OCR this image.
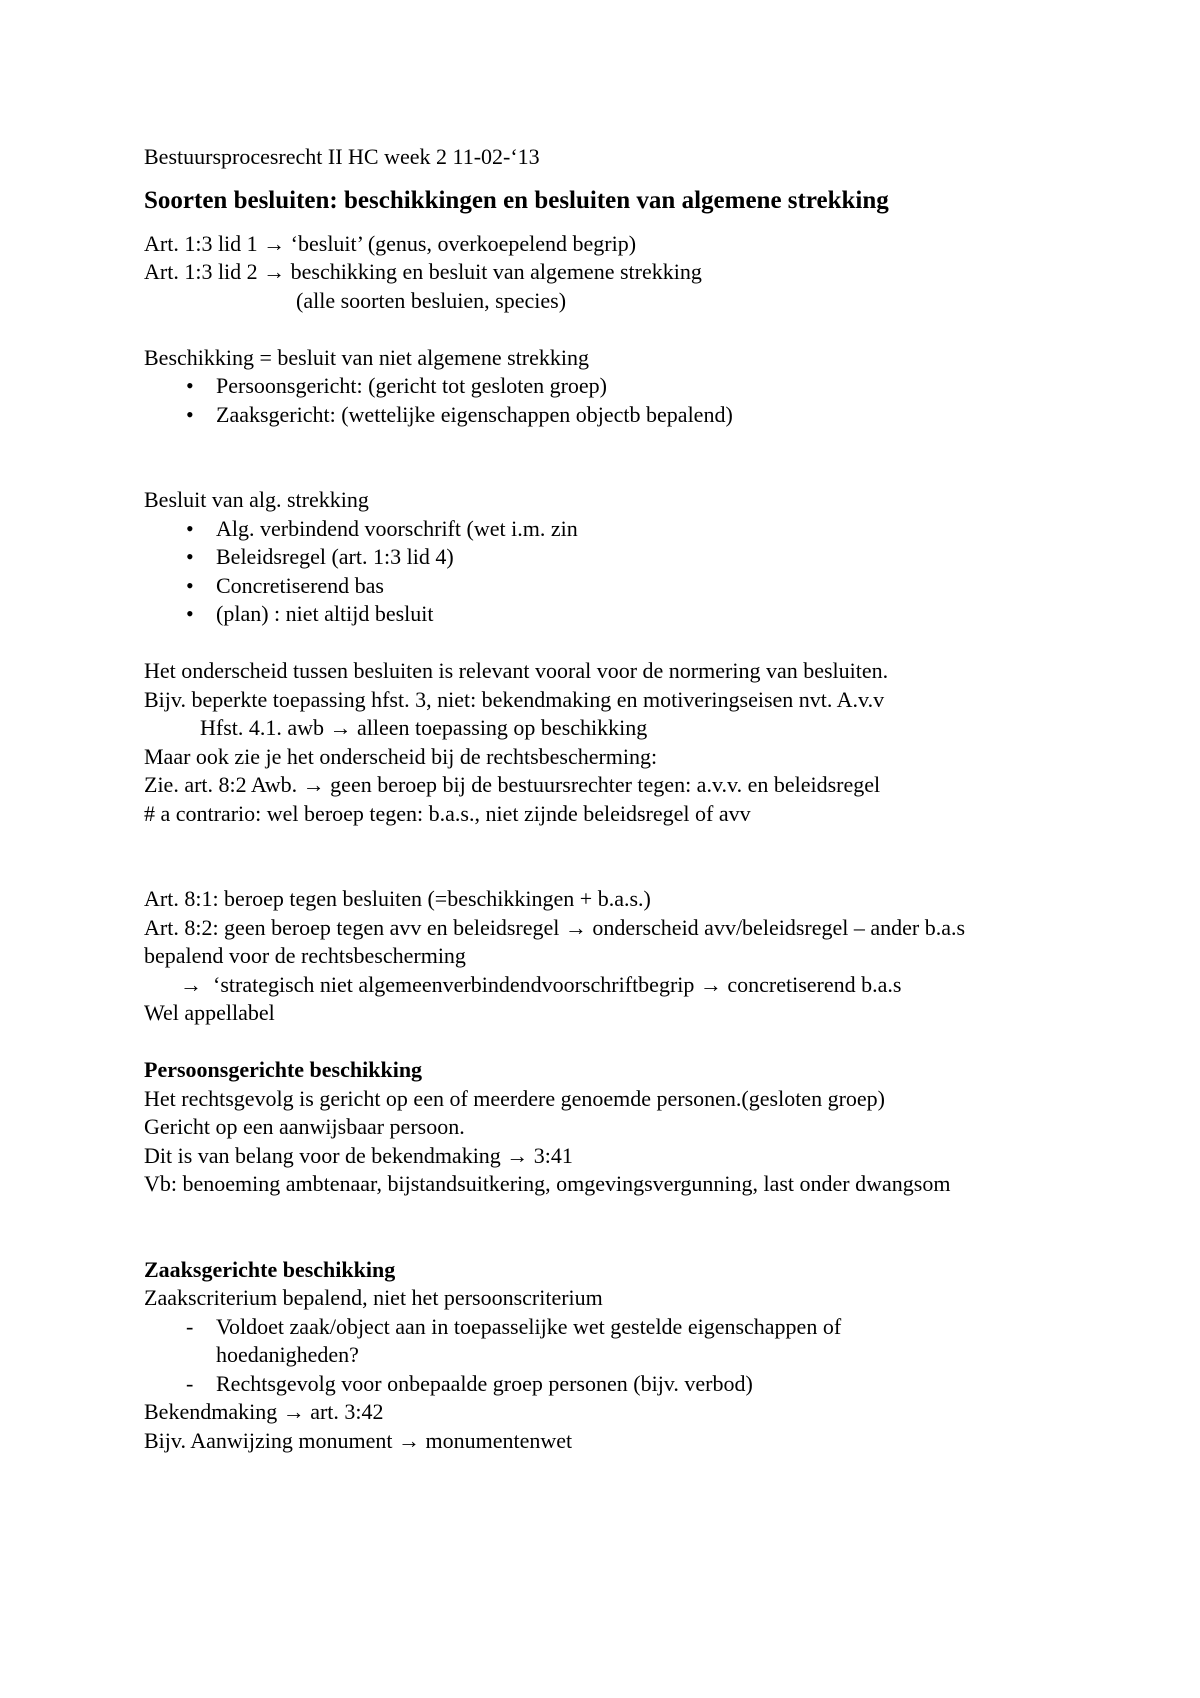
Bestuursprocesrecht II HC week 2 11-02-‘13
Soorten besluiten: beschikkingen en besluiten van algemene strekking
Art. 1:3 lid 1 → ‘besluit’ (genus, overkoepelend begrip)
Art. 1:3 lid 2 → beschikking en besluit van algemene strekking
(alle soorten besluien, species)
Beschikking = besluit van niet algemene strekking
• Persoonsgericht: (gericht tot gesloten groep)
• Zaaksgericht: (wettelijke eigenschappen objectb bepalend)
Besluit van alg. strekking
• Alg. verbindend voorschrift (wet i.m. zin
• Beleidsregel (art. 1:3 lid 4)
• Concretiserend bas
• (plan) : niet altijd besluit
Het onderscheid tussen besluiten is relevant vooral voor de normering van besluiten.
Bijv. beperkte toepassing hfst. 3, niet: bekendmaking en motiveringseisen nvt. A.v.v
Hfst. 4.1. awb → alleen toepassing op beschikking
Maar ook zie je het onderscheid bij de rechtsbescherming:
Zie. art. 8:2 Awb. → geen beroep bij de bestuursrechter tegen: a.v.v. en beleidsregel
# a contrario: wel beroep tegen: b.a.s., niet zijnde beleidsregel of avv
Art. 8:1: beroep tegen besluiten (=beschikkingen + b.a.s.)
Art. 8:2: geen beroep tegen avv en beleidsregel → onderscheid avv/beleidsregel – ander b.a.s
bepalend voor de rechtsbescherming
→  ‘strategisch niet algemeenverbindendvoorschriftbegrip → concretiserend b.a.s
Wel appellabel
Persoonsgerichte beschikking
Het rechtsgevolg is gericht op een of meerdere genoemde personen.(gesloten groep)
Gericht op een aanwijsbaar persoon.
Dit is van belang voor de bekendmaking → 3:41
Vb: benoeming ambtenaar, bijstandsuitkering, omgevingsvergunning, last onder dwangsom
Zaaksgerichte beschikking
Zaakscriterium bepalend, niet het persoonscriterium
- Voldoet zaak/object aan in toepasselijke wet gestelde eigenschappen of hoedanigheden?
- Rechtsgevolg voor onbepaalde groep personen (bijv. verbod)
Bekendmaking → art. 3:42
Bijv. Aanwijzing monument → monumentenwet
